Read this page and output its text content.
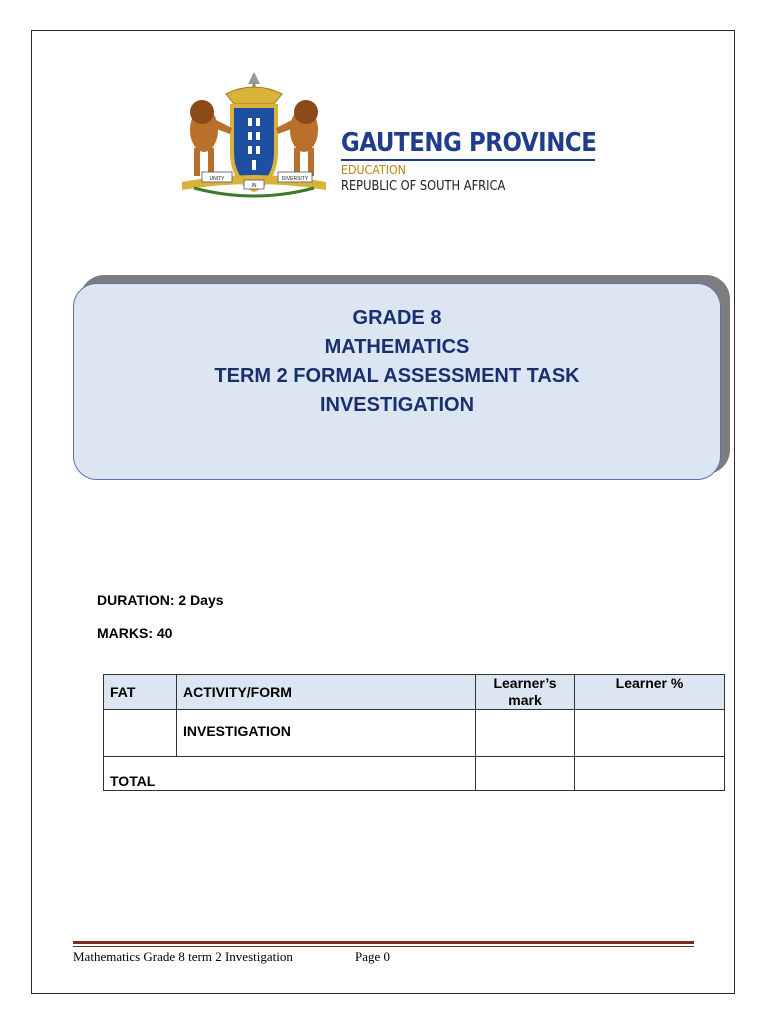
UNITY
IN
DIVERSITY
GAUTENG PROVINCE
EDUCATION
REPUBLIC OF SOUTH AFRICA
GRADE 8
MATHEMATICS
TERM 2 FORMAL ASSESSMENT TASK
INVESTIGATION
DURATION: 2 Days
MARKS: 40
FAT	ACTIVITY/FORM	Learner’s mark	Learner %
	INVESTIGATION		
TOTAL			
Mathematics Grade 8 term 2 Investigation	Page 0
